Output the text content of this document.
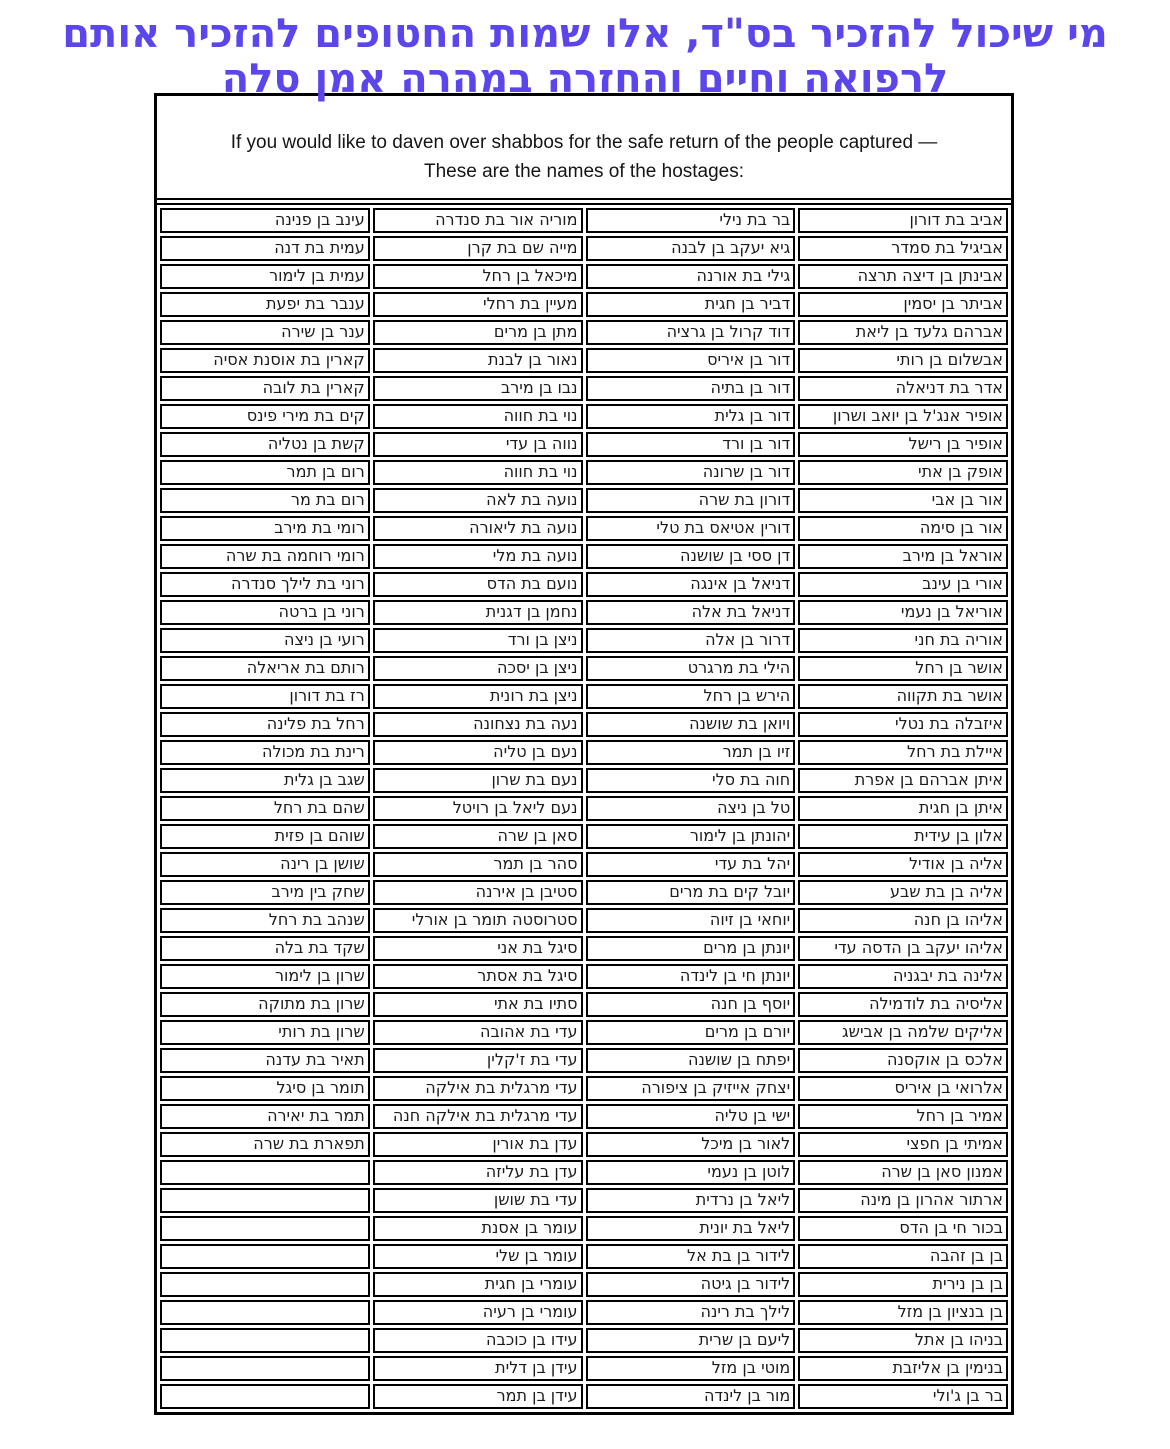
מי שיכול להזכיר בס"ד, אלו שמות החטופים להזכיר אותם
לרפואה וחיים והחזרה במהרה אמן סלה
If you would like to daven over shabbos for the safe return of the people captured —
These are the names of the hostages:
אביב בת דורון	בר בת נילי	מוריה אור בת סנדרה	עינב בן פנינה
אביגיל בת סמדר	גיא יעקב בן לבנה	מייה שם בת קרן	עמית בת דנה
אבינתן בן דיצה תרצה	גילי בת אורנה	מיכאל בן רחל	עמית בן לימור
אביתר בן יסמין	דביר בן חגית	מעיין בת רחלי	ענבר בת יפעת
אברהם גלעד בן ליאת	דוד קרול בן גרציה	מתן בן מרים	ענר בן שירה
אבשלום בן רותי	דור בן איריס	נאור בן לבנת	קארין בת אוסנת אסיה
אדר בת דניאלה	דור בן בתיה	נבו בן מירב	קארין בת לובה
אופיר אנג'ל בן יואב ושרון	דור בן גלית	נוי בת חווה	קים בת מירי פינס
אופיר בן רישל	דור בן ורד	נווה בן עדי	קשת בן נטליה
אופק בן אתי	דור בן שרונה	נוי בת חווה	רום בן תמר
אור בן אבי	דורון בת שרה	נועה בת לאה	רום בת מר
אור בן סימה	דורין אטיאס בת טלי	נועה בת ליאורה	רומי בת מירב
אוראל בן מירב	דן ססי בן שושנה	נועה בת מלי	רומי רוחמה בת שרה
אורי בן עינב	דניאל בן אינגה	נועם בת הדס	רוני בת לילך סנדרה
אוריאל בן נעמי	דניאל בת אלה	נחמן בן דגנית	רוני בן ברטה
אוריה בת חני	דרור בן אלה	ניצן בן ורד	רועי בן ניצה
אושר בן רחל	הילי בת מרגרט	ניצן בן יסכה	רותם בת אריאלה
אושר בת תקווה	הירש בן רחל	ניצן בת רונית	רז בת דורון
איזבלה בת נטלי	ויואן בת שושנה	נעה בת נצחונה	רחל בת פלינה
איילת בת רחל	זיו בן תמר	נעם בן טליה	רינת בת מכולה
איתן אברהם בן אפרת	חוה בת סלי	נעם בת שרון	שגב בן גלית
איתן בן חגית	טל בן ניצה	נעם ליאל בן רויטל	שהם בת רחל
אלון בן עידית	יהונתן בן לימור	סאן בן שרה	שוהם בן פזית
אליה בן אודיל	יהל בת עדי	סהר בן תמר	שושן בן רינה
אליה בן בת שבע	יובל קים בת מרים	סטיבן בן אירנה	שחק בין מירב
אליהו בן חנה	יוחאי בן זיוה	סטרוסטה תומר בן אורלי	שנהב בת רחל
אליהו יעקב בן הדסה עדי	יונתן בן מרים	סיגל בת אני	שקד בת בלה
אלינה בת יבגניה	יונתן חי בן לינדה	סיגל בת אסתר	שרון בן לימור
אליסיה בת לודמילה	יוסף בן חנה	סתיו בת אתי	שרון בת מתוקה
אליקים שלמה בן אבישג	יורם בן מרים	עדי בת אהובה	שרון בת רותי
אלכס בן אוקסנה	יפתח בן שושנה	עדי בת ז'קלין	תאיר בת עדנה
אלרואי בן איריס	יצחק אייזיק בן ציפורה	עדי מרגלית בת אילקה	תומר בן סיגל
אמיר בן רחל	ישי בן טליה	עדי מרגלית בת אילקה חנה	תמר בת יאירה
אמיתי בן חפצי	לאור בן מיכל	עדן בת אורין	תפארת בת שרה
אמנון סאן בן שרה	לוטן בן נעמי	עדן בת עליזה	
ארתור אהרון בן מינה	ליאל בן נרדית	עדי בת שושן	
בכור חי בן הדס	ליאל בת יונית	עומר בן אסנת	
בן בן זהבה	לידור בן בת אל	עומר בן שלי	
בן בן נירית	לידור בן גיטה	עומרי בן חגית	
בן בנציון בן מזל	לילך בת רינה	עומרי בן רעיה	
בניהו בן אתל	ליעם בן שרית	עידו בן כוכבה	
בנימין בן אליזבת	מוטי בן מזל	עידן בן דלית	
בר בן ג'ולי	מור בן לינדה	עידן בן תמר	
